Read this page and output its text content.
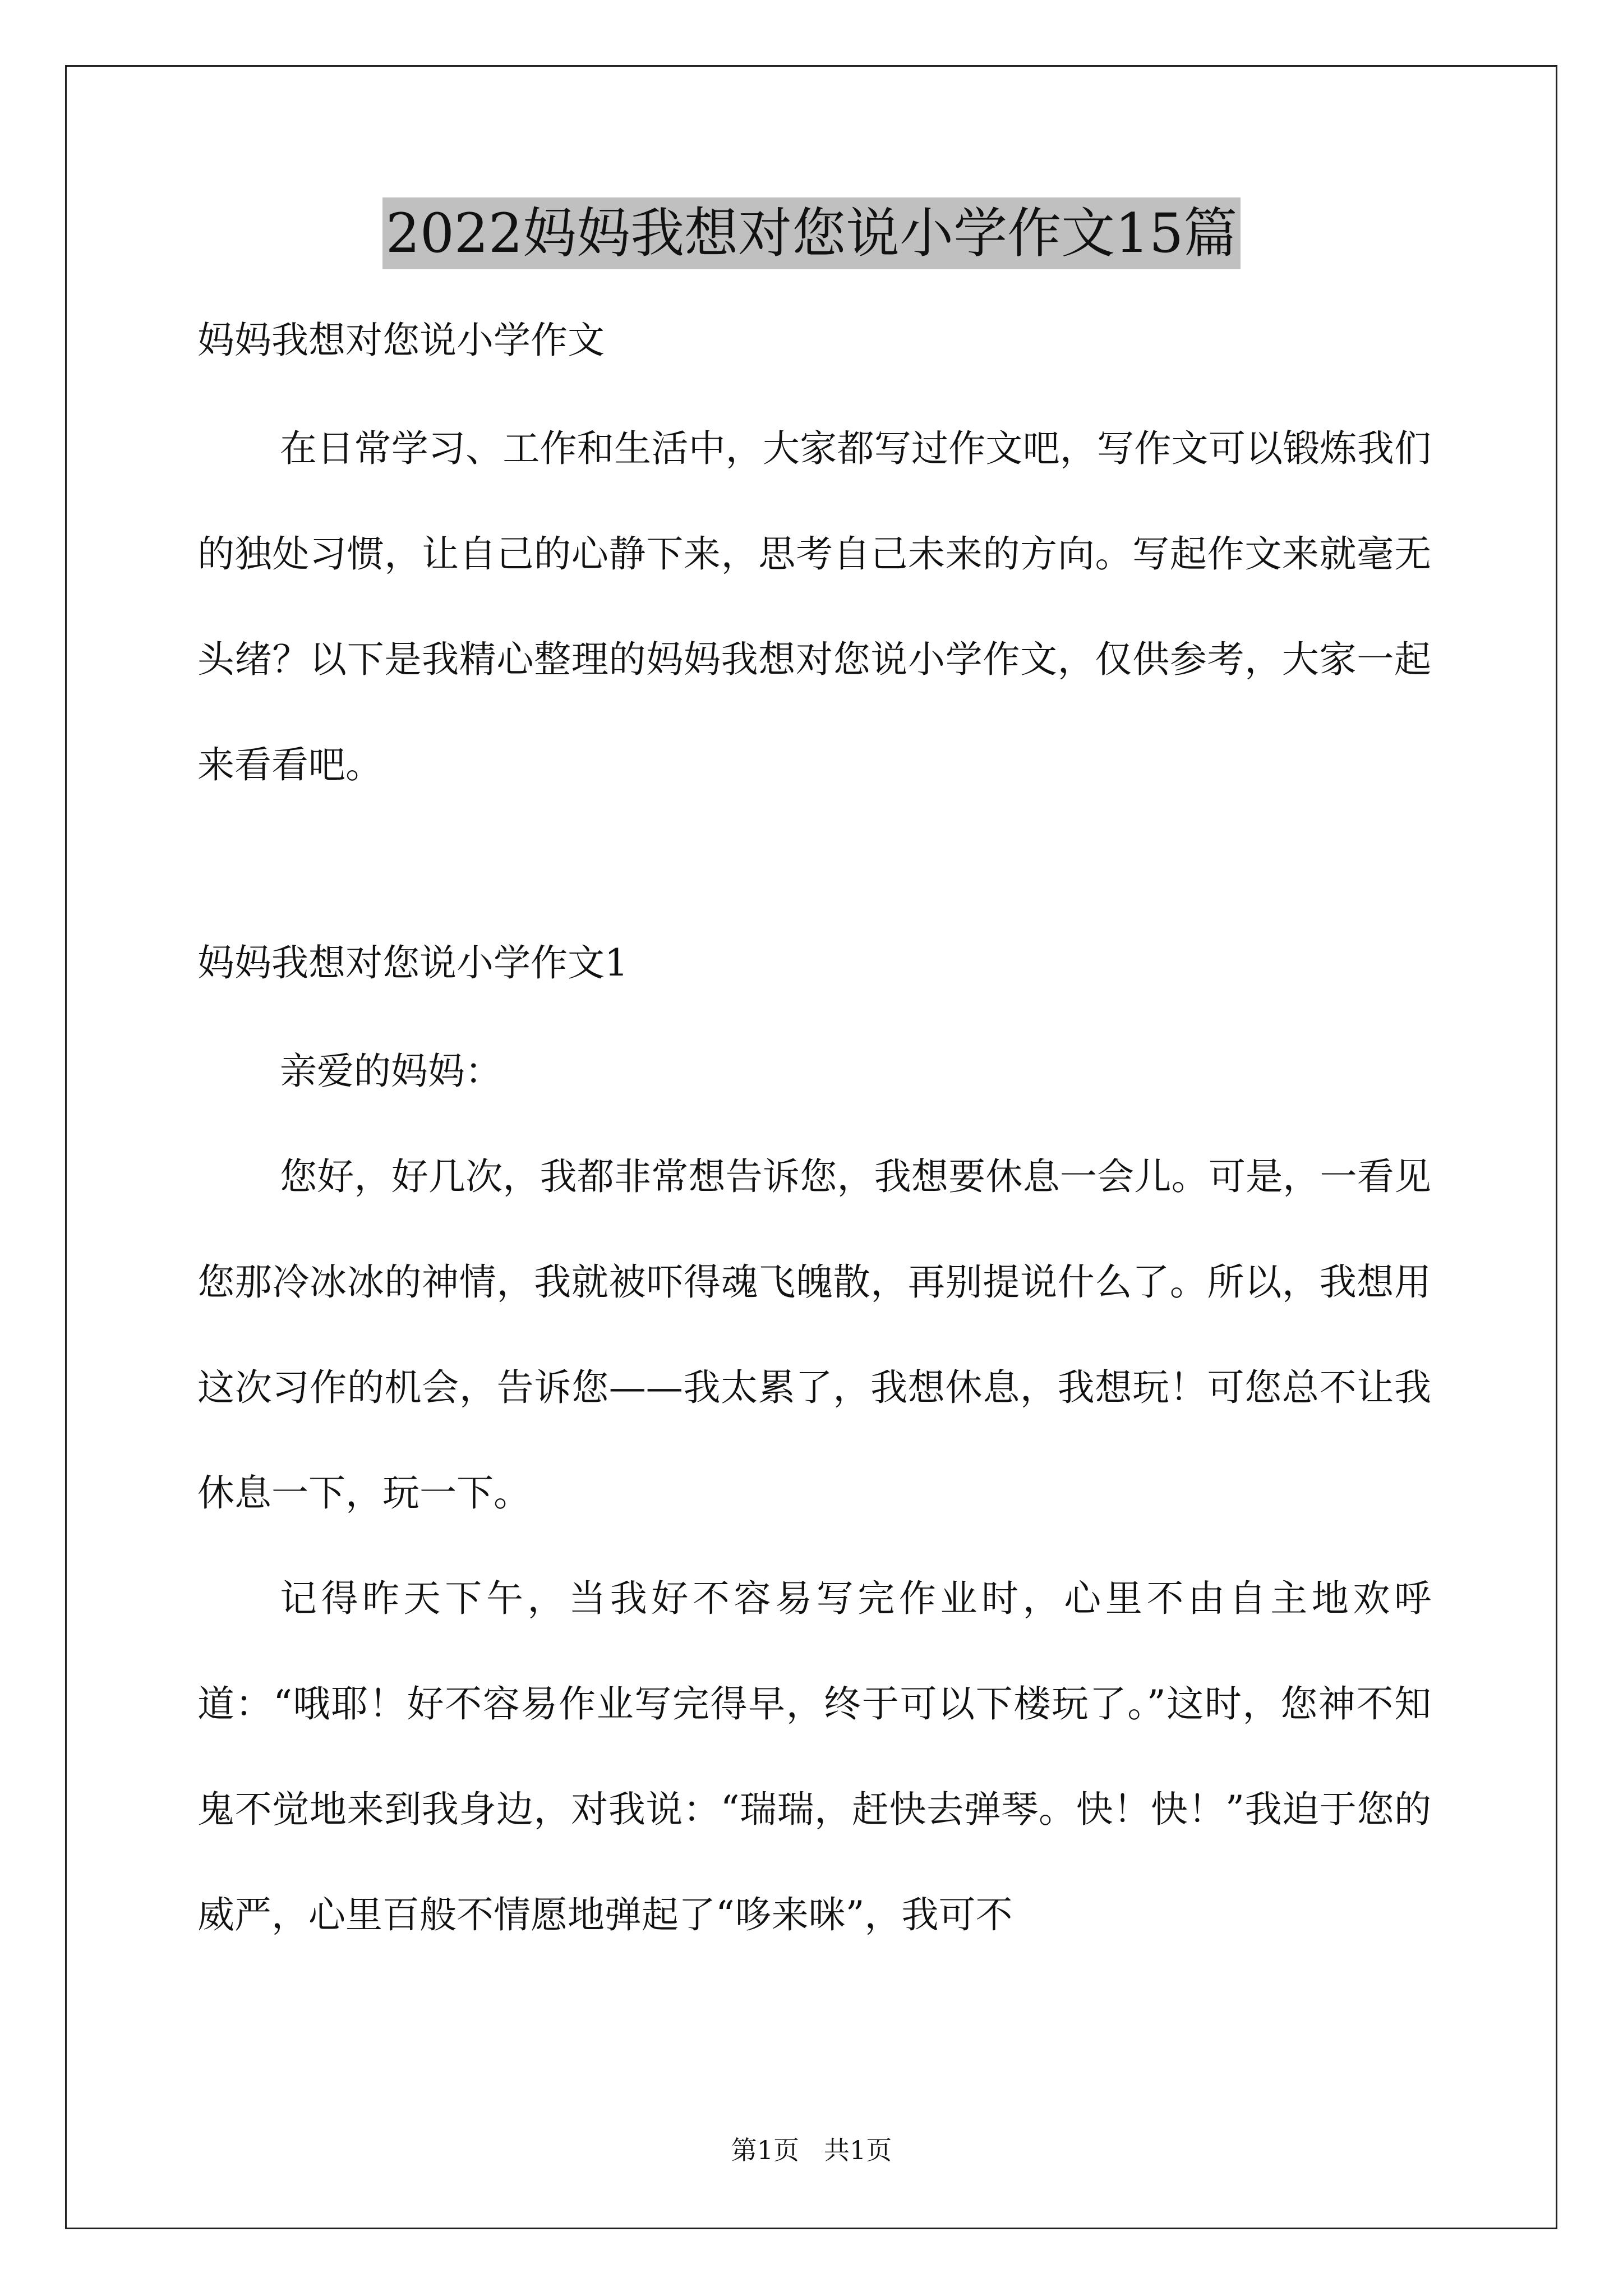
2022妈妈我想对您说小学作文15篇

妈妈我想对您说小学作文

在日常学习、工作和生活中，大家都写过作文吧，写作文可以锻炼我们的独处习惯，让自己的心静下来，思考自己未来的方向。写起作文来就毫无头绪？以下是我精心整理的妈妈我想对您说小学作文，仅供参考，大家一起来看看吧。

妈妈我想对您说小学作文1

亲爱的妈妈：

您好，好几次，我都非常想告诉您，我想要休息一会儿。可是，一看见您那冷冰冰的神情，我就被吓得魂飞魄散，再别提说什么了。所以，我想用这次习作的机会，告诉您——我太累了，我想休息，我想玩！可您总不让我休息一下，玩一下。

记得昨天下午，当我好不容易写完作业时，心里不由自主地欢呼道：“哦耶！好不容易作业写完得早，终于可以下楼玩了。”这时，您神不知鬼不觉地来到我身边，对我说：“瑞瑞，赶快去弹琴。快！快！”我迫于您的威严，心里百般不情愿地弹起了“哆来咪”，我可不

第1页 共1页
